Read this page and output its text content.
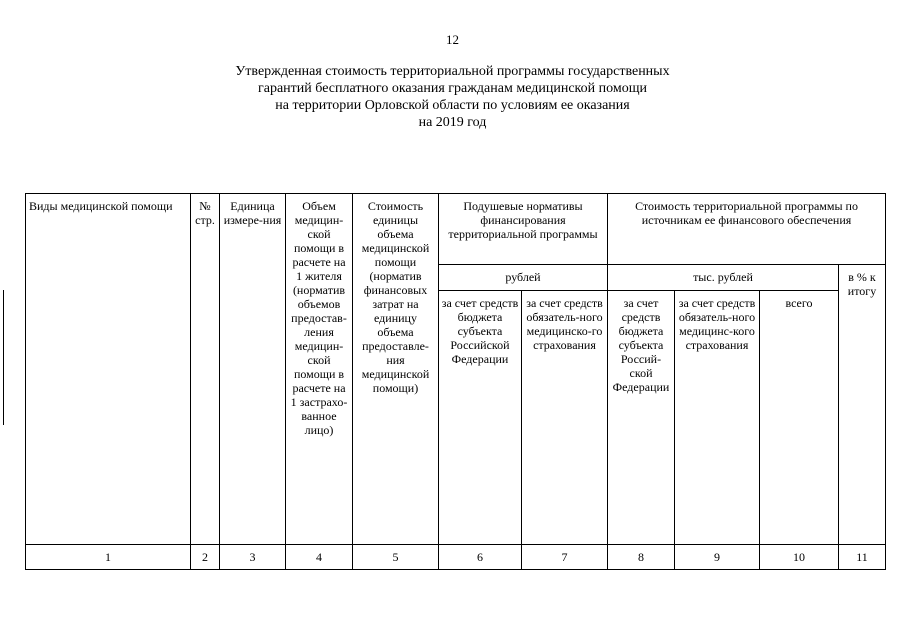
12
Утвержденная стоимость территориальной программы государственных
гарантий бесплатного оказания гражданам медицинской помощи
на территории Орловской области по условиям ее оказания
на 2019 год
Виды медицинской помощи	№ стр.	Единица измере-ния	Объем медицин-ской помощи в расчете на 1 жителя (норматив объемов предостав-ления медицин-ской помощи в расчете на 1 застрахо-ванное лицо)	Стоимость единицы объема медицинской помощи (норматив финансовых затрат на единицу объема предоставле-ния медицинской помощи)	Подушевые нормативы финансирования территориальной программы		Стоимость территориальной программы по источникам ее финансового обеспечения			

					рублей		тыс. рублей			в % к итогу

					за счет средств бюджета субъекта Российской Федерации	за счет средств обязатель-ного медицинско-го страхования	за счет средств бюджета субъекта Россий-ской Федерации	за счет средств обязатель-ного медицинс-кого страхования	всего	

1	2	3	4	5	6	7	8	9	10	11
